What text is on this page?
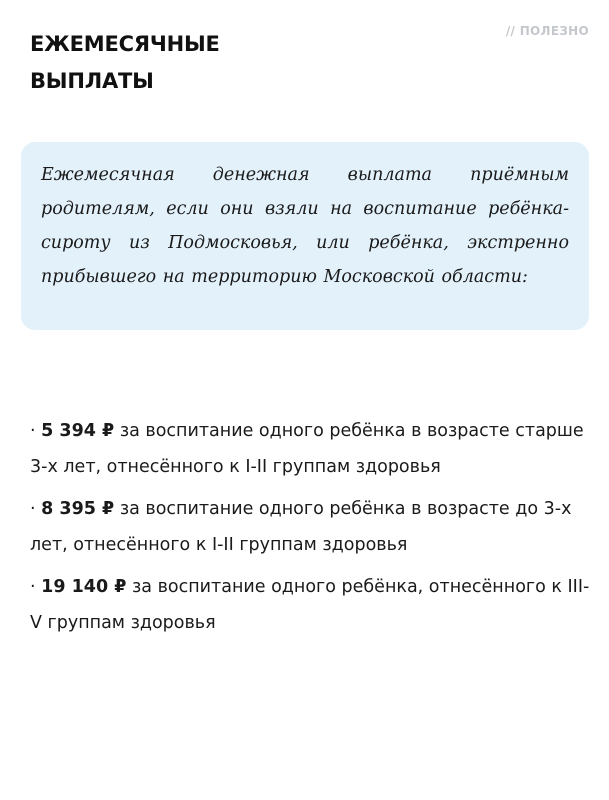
// ПОЛЕЗНО
ЕЖЕМЕСЯЧНЫЕ
ВЫПЛАТЫ

Ежемесячная денежная выплата приёмным родителям, если они взяли на воспитание ребёнка-сироту из Подмосковья, или ребёнка, экстренно прибывшего на территорию Московской области:

· 5 394 ₽ за воспитание одного ребёнка в возрасте старше 3-х лет, отнесённого к I-II группам здоровья
· 8 395 ₽ за воспитание одного ребёнка в возрасте до 3-х лет, отнесённого к I-II группам здоровья
· 19 140 ₽ за воспитание одного ребёнка, отнесённого к III-V группам здоровья
